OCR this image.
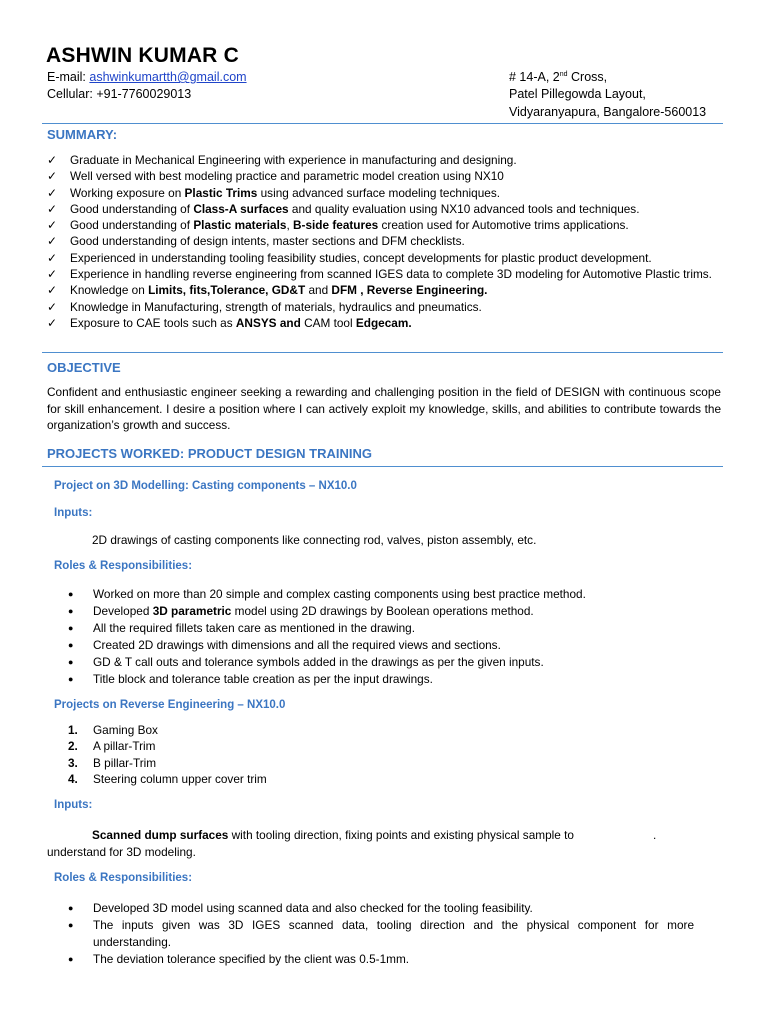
ASHWIN KUMAR C
E-mail: ashwinkumartth@gmail.com
Cellular: +91-7760029013
# 14-A, 2nd Cross,
Patel Pillegowda Layout,
Vidyaranyapura, Bangalore-560013
SUMMARY:
✓ Graduate in Mechanical Engineering with experience in manufacturing and designing.
✓ Well versed with best modeling practice and parametric model creation using NX10
✓ Working exposure on Plastic Trims using advanced surface modeling techniques.
✓ Good understanding of Class-A surfaces and quality evaluation using NX10 advanced tools and techniques.
✓ Good understanding of Plastic materials, B-side features creation used for Automotive trims applications.
✓ Good understanding of design intents, master sections and DFM checklists.
✓ Experienced in understanding tooling feasibility studies, concept developments for plastic product development.
✓ Experience in handling reverse engineering from scanned IGES data to complete 3D modeling for Automotive Plastic trims.
✓ Knowledge on Limits, fits,Tolerance, GD&T and DFM , Reverse Engineering.
✓ Knowledge in Manufacturing, strength of materials, hydraulics and pneumatics.
✓ Exposure to CAE tools such as ANSYS and CAM tool Edgecam.
OBJECTIVE
Confident and enthusiastic engineer seeking a rewarding and challenging position in the field of DESIGN with continuous scope for skill enhancement. I desire a position where I can actively exploit my knowledge, skills, and abilities to contribute towards the organization’s growth and success.
PROJECTS WORKED: PRODUCT DESIGN TRAINING
Project on 3D Modelling: Casting components – NX10.0
Inputs:
2D drawings of casting components like connecting rod, valves, piston assembly, etc.
Roles & Responsibilities:
● Worked on more than 20 simple and complex casting components using best practice method.
● Developed 3D parametric model using 2D drawings by Boolean operations method.
● All the required fillets taken care as mentioned in the drawing.
● Created 2D drawings with dimensions and all the required views and sections.
● GD & T call outs and tolerance symbols added in the drawings as per the given inputs.
● Title block and tolerance table creation as per the input drawings.
Projects on Reverse Engineering – NX10.0
1. Gaming Box
2. A pillar-Trim
3. B pillar-Trim
4. Steering column upper cover trim
Inputs:
Scanned dump surfaces with tooling direction, fixing points and existing physical sample to	.
understand for 3D modeling.
Roles & Responsibilities:
● Developed 3D model using scanned data and also checked for the tooling feasibility.
● The inputs given was 3D IGES scanned data, tooling direction and the physical component for more understanding.
● The deviation tolerance specified by the client was 0.5-1mm.
